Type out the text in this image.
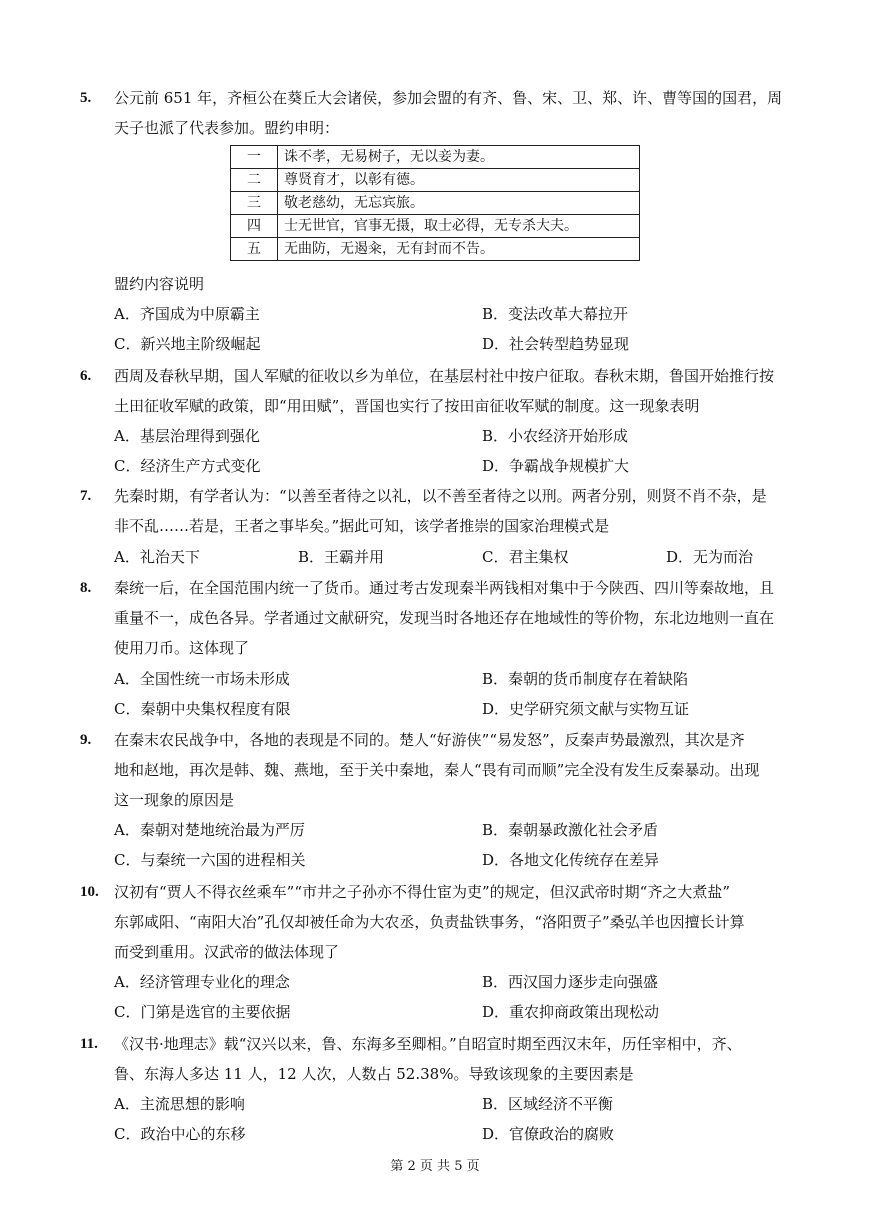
5. 公元前 651 年，齐桓公在葵丘大会诸侯，参加会盟的有齐、鲁、宋、卫、郑、许、曹等国的国君，周
天子也派了代表参加。盟约申明：
一	诛不孝，无易树子，无以妾为妻。
二	尊贤育才，以彰有德。
三	敬老慈幼，无忘宾旅。
四	士无世官，官事无摄，取士必得，无专杀大夫。
五	无曲防，无遏籴，无有封而不告。
盟约内容说明
A．齐国成为中原霸主	B．变法改革大幕拉开
C．新兴地主阶级崛起	D．社会转型趋势显现
6. 西周及春秋早期，国人军赋的征收以乡为单位，在基层村社中按户征取。春秋末期，鲁国开始推行按
土田征收军赋的政策，即“用田赋”，晋国也实行了按田亩征收军赋的制度。这一现象表明
A．基层治理得到强化	B．小农经济开始形成
C．经济生产方式变化	D．争霸战争规模扩大
7. 先秦时期，有学者认为：“以善至者待之以礼，以不善至者待之以刑。两者分别，则贤不肖不杂，是
非不乱……若是，王者之事毕矣。”据此可知，该学者推崇的国家治理模式是
A．礼治天下	B．王霸并用	C．君主集权	D．无为而治
8. 秦统一后，在全国范围内统一了货币。通过考古发现秦半两钱相对集中于今陕西、四川等秦故地，且
重量不一，成色各异。学者通过文献研究，发现当时各地还存在地域性的等价物，东北边地则一直在
使用刀币。这体现了
A．全国性统一市场未形成	B．秦朝的货币制度存在着缺陷
C．秦朝中央集权程度有限	D．史学研究须文献与实物互证
9. 在秦末农民战争中，各地的表现是不同的。楚人“好游侠”“易发怒”，反秦声势最激烈，其次是齐
地和赵地，再次是韩、魏、燕地，至于关中秦地，秦人“畏有司而顺”完全没有发生反秦暴动。出现
这一现象的原因是
A．秦朝对楚地统治最为严厉	B．秦朝暴政激化社会矛盾
C．与秦统一六国的进程相关	D．各地文化传统存在差异
10. 汉初有“贾人不得衣丝乘车”“市井之子孙亦不得仕宦为吏”的规定，但汉武帝时期“齐之大煮盐”
东郭咸阳、“南阳大冶”孔仅却被任命为大农丞，负责盐铁事务，“洛阳贾子”桑弘羊也因擅长计算
而受到重用。汉武帝的做法体现了
A．经济管理专业化的理念	B．西汉国力逐步走向强盛
C．门第是选官的主要依据	D．重农抑商政策出现松动
11. 《汉书·地理志》载“汉兴以来，鲁、东海多至卿相。”自昭宣时期至西汉末年，历任宰相中，齐、
鲁、东海人多达 11 人，12 人次，人数占 52.38%。导致该现象的主要因素是
A．主流思想的影响	B．区域经济不平衡
C．政治中心的东移	D．官僚政治的腐败
第 2 页 共 5 页
